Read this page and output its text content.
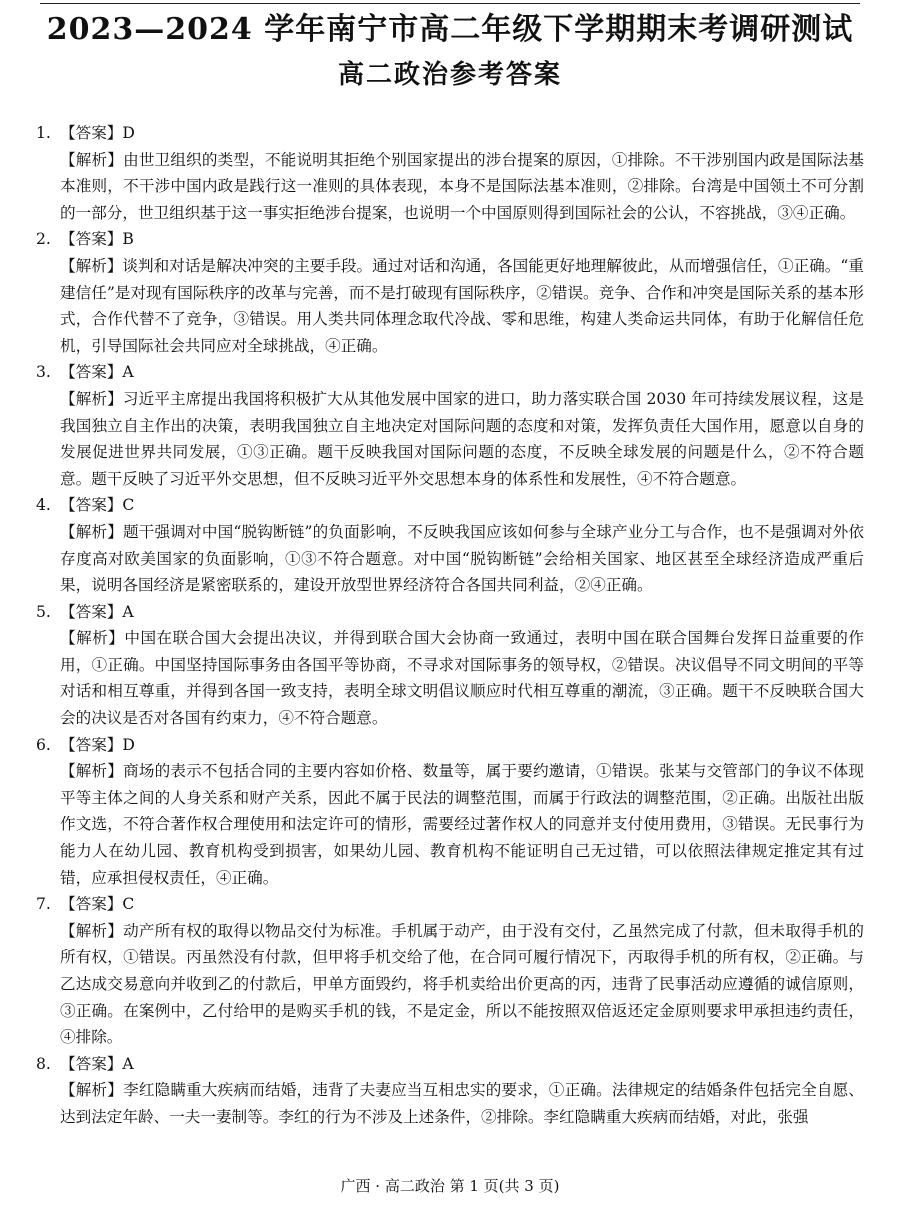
2023—2024 学年南宁市高二年级下学期期末考调研测试
高二政治参考答案

1. 【答案】D

【解析】由世卫组织的类型，不能说明其拒绝个别国家提出的涉台提案的原因，①排除。不干涉别国内政是国际法基本准则，不干涉中国内政是践行这一准则的具体表现，本身不是国际法基本准则，②排除。台湾是中国领土不可分割的一部分，世卫组织基于这一事实拒绝涉台提案，也说明一个中国原则得到国际社会的公认，不容挑战，③④正确。

2. 【答案】B

【解析】谈判和对话是解决冲突的主要手段。通过对话和沟通，各国能更好地理解彼此，从而增强信任，①正确。“重建信任”是对现有国际秩序的改革与完善，而不是打破现有国际秩序，②错误。竞争、合作和冲突是国际关系的基本形式，合作代替不了竞争，③错误。用人类共同体理念取代冷战、零和思维，构建人类命运共同体，有助于化解信任危机，引导国际社会共同应对全球挑战，④正确。

3. 【答案】A

【解析】习近平主席提出我国将积极扩大从其他发展中国家的进口，助力落实联合国 2030 年可持续发展议程，这是我国独立自主作出的决策，表明我国独立自主地决定对国际问题的态度和对策，发挥负责任大国作用，愿意以自身的发展促进世界共同发展，①③正确。题干反映我国对国际问题的态度，不反映全球发展的问题是什么，②不符合题意。题干反映了习近平外交思想，但不反映习近平外交思想本身的体系性和发展性，④不符合题意。

4. 【答案】C

【解析】题干强调对中国“脱钩断链”的负面影响，不反映我国应该如何参与全球产业分工与合作，也不是强调对外依存度高对欧美国家的负面影响，①③不符合题意。对中国“脱钩断链”会给相关国家、地区甚至全球经济造成严重后果，说明各国经济是紧密联系的，建设开放型世界经济符合各国共同利益，②④正确。

5. 【答案】A

【解析】中国在联合国大会提出决议，并得到联合国大会协商一致通过，表明中国在联合国舞台发挥日益重要的作用，①正确。中国坚持国际事务由各国平等协商，不寻求对国际事务的领导权，②错误。决议倡导不同文明间的平等对话和相互尊重，并得到各国一致支持，表明全球文明倡议顺应时代相互尊重的潮流，③正确。题干不反映联合国大会的决议是否对各国有约束力，④不符合题意。

6. 【答案】D

【解析】商场的表示不包括合同的主要内容如价格、数量等，属于要约邀请，①错误。张某与交管部门的争议不体现平等主体之间的人身关系和财产关系，因此不属于民法的调整范围，而属于行政法的调整范围，②正确。出版社出版作文选，不符合著作权合理使用和法定许可的情形，需要经过著作权人的同意并支付使用费用，③错误。无民事行为能力人在幼儿园、教育机构受到损害，如果幼儿园、教育机构不能证明自己无过错，可以依照法律规定推定其有过错，应承担侵权责任，④正确。

7. 【答案】C

【解析】动产所有权的取得以物品交付为标准。手机属于动产，由于没有交付，乙虽然完成了付款，但未取得手机的所有权，①错误。丙虽然没有付款，但甲将手机交给了他，在合同可履行情况下，丙取得手机的所有权，②正确。与乙达成交易意向并收到乙的付款后，甲单方面毁约，将手机卖给出价更高的丙，违背了民事活动应遵循的诚信原则，③正确。在案例中，乙付给甲的是购买手机的钱，不是定金，所以不能按照双倍返还定金原则要求甲承担违约责任，④排除。

8. 【答案】A

【解析】李红隐瞒重大疾病而结婚，违背了夫妻应当互相忠实的要求，①正确。法律规定的结婚条件包括完全自愿、达到法定年龄、一夫一妻制等。李红的行为不涉及上述条件，②排除。李红隐瞒重大疾病而结婚，对此，张强

广西 · 高二政治 第 1 页(共 3 页)
